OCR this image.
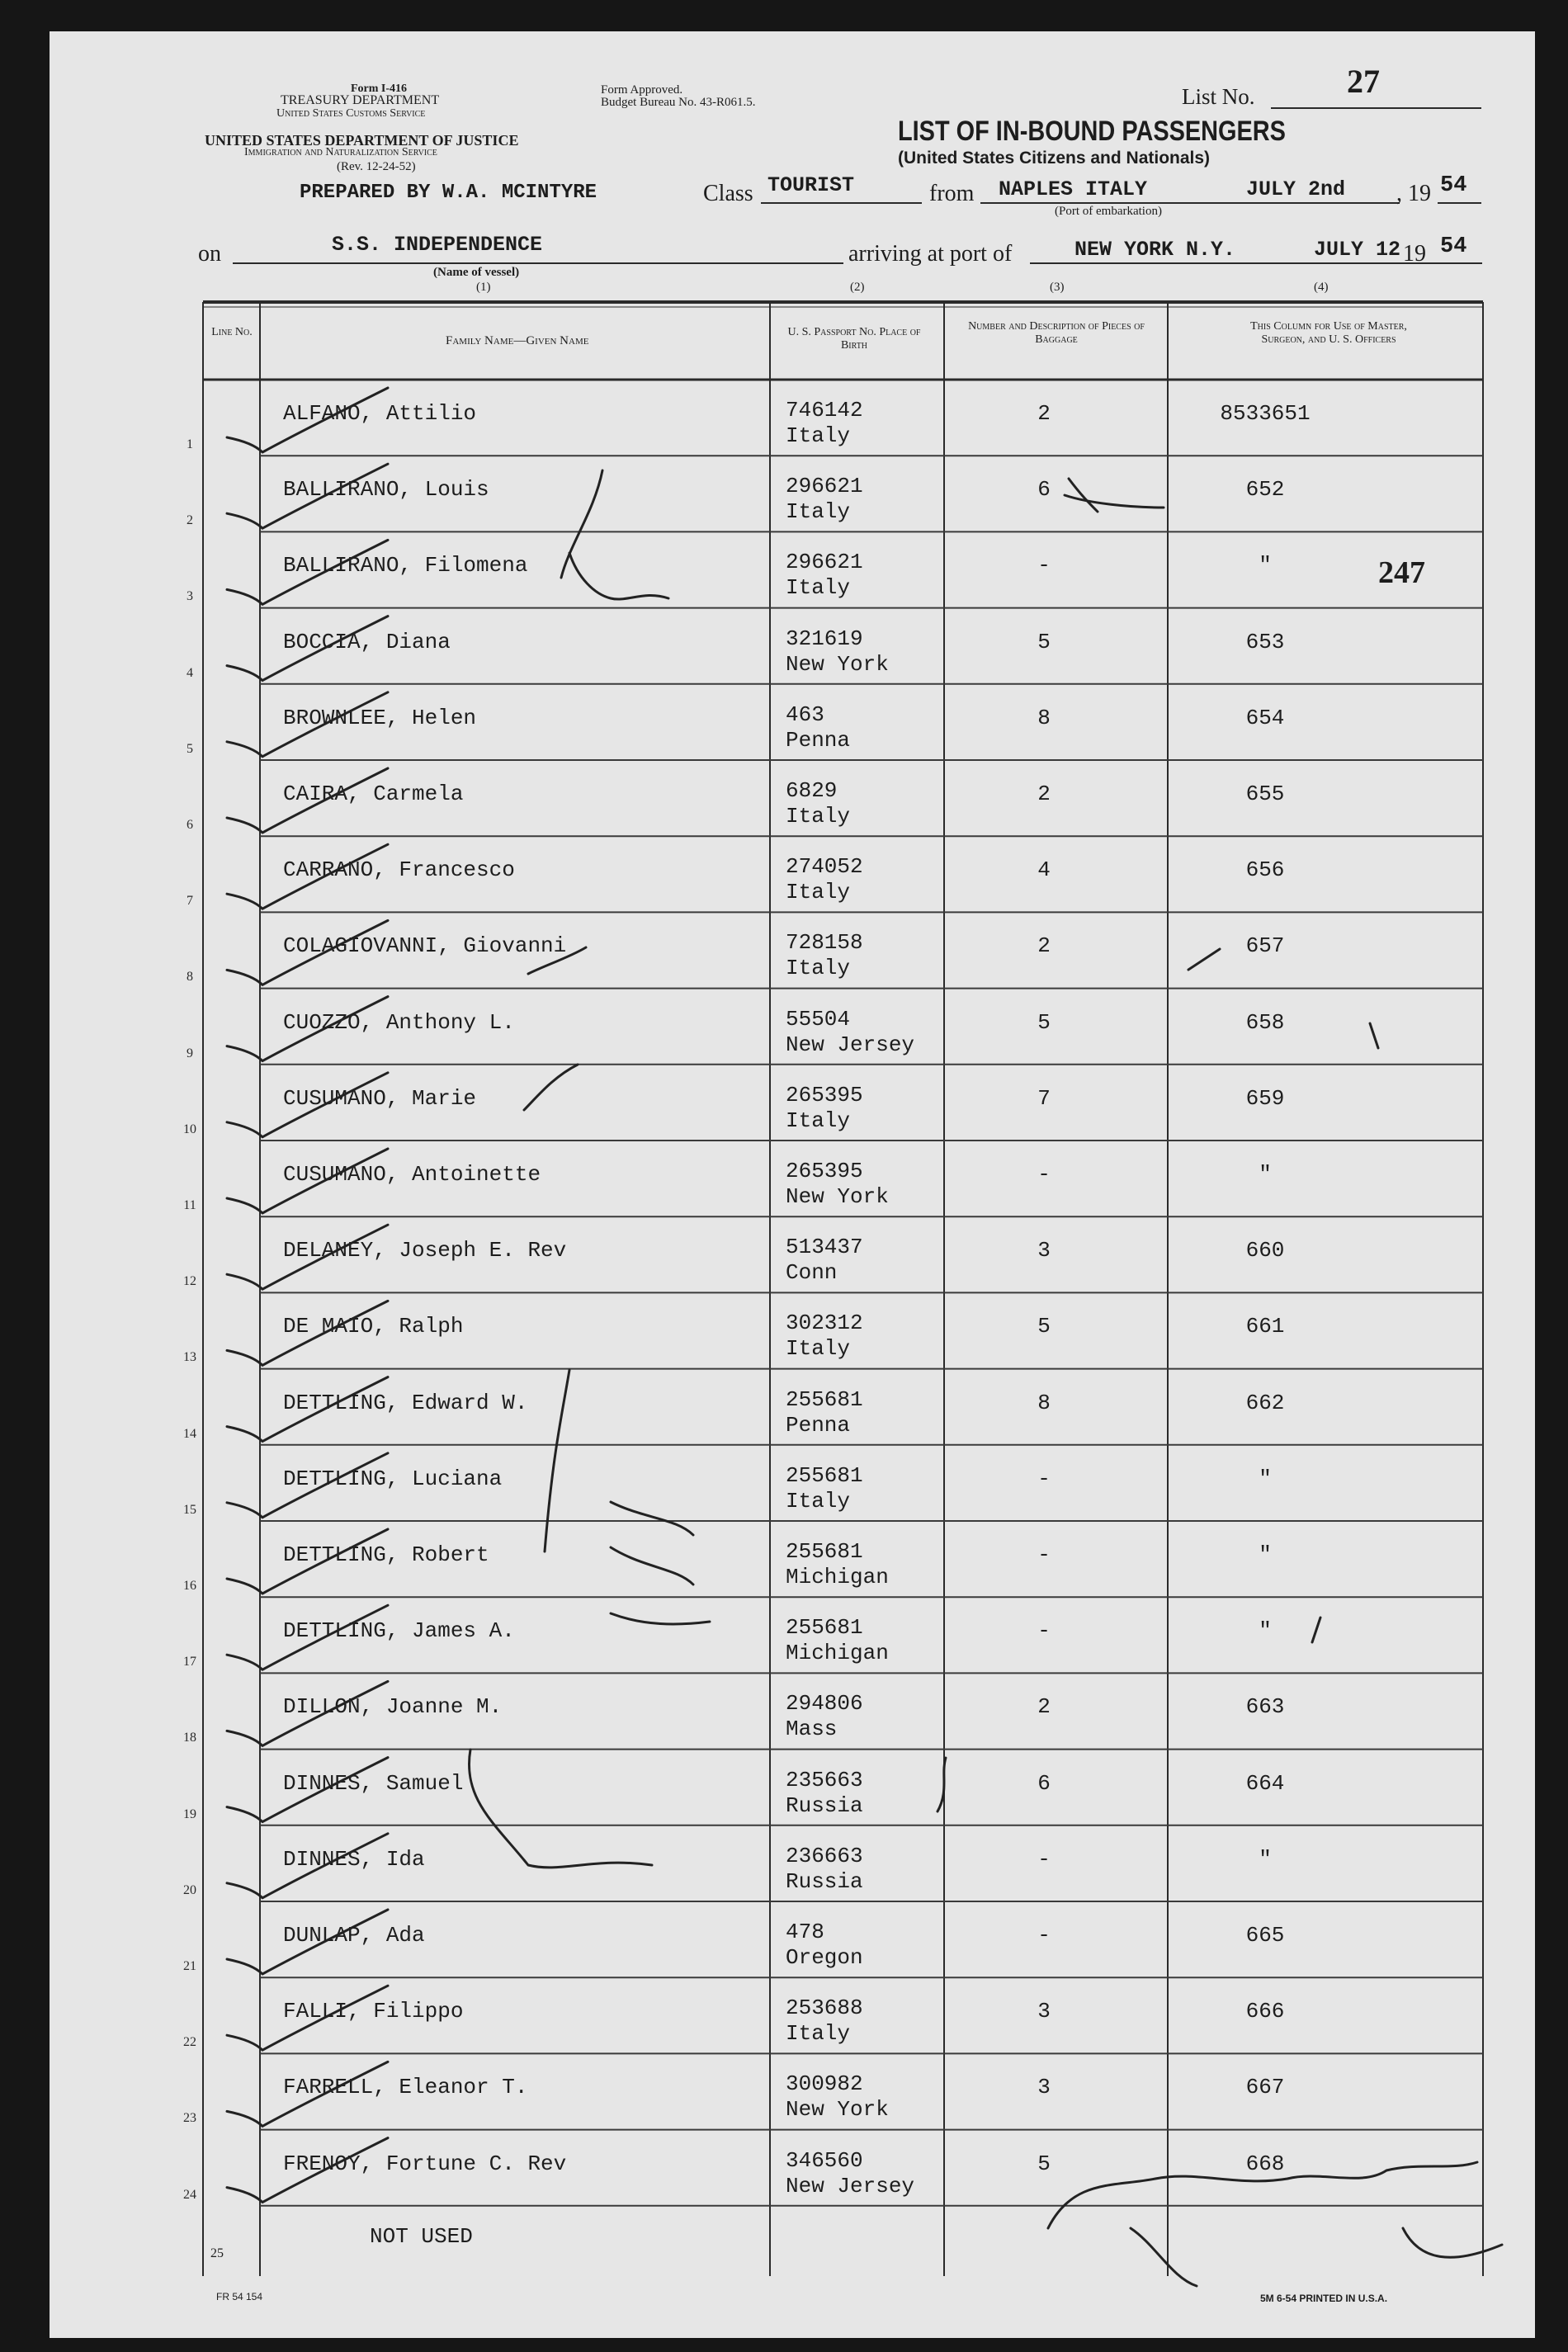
Form I-416
TREASURY DEPARTMENT
United States Customs Service
UNITED STATES DEPARTMENT OF JUSTICE
Immigration and Naturalization Service
(Rev. 12-24-52)
Form Approved.
Budget Bureau No. 43-R061.5.	List No.	27
LIST OF IN-BOUND PASSENGERS
(United States Citizens and Nationals)
PREPARED BY W.A. MCINTYRE	Class TOURIST	from NAPLES ITALY	JULY 2nd , 19 54
(Port of embarkation)
on	S.S. INDEPENDENCE
(Name of vessel)
(1)
arriving at port of	NEW YORK N.Y.	JULY 12 19 54
(2)	(3)	(4)
Line No.
Family Name—Given Name
U. S. Passport No. Place of Birth
Number and Description of Pieces of Baggage
This Column for Use of Master, Surgeon, and U. S. Officers
1
ALFANO, Attilio	746142
Italy
2	8533651
2
BALLIRANO, Louis	296621
Italy
6	652
3
BALLIRANO, Filomena	296621
Italy
-	"
4
BOCCIA, Diana	321619
New York
5	653
5
BROWNLEE, Helen	463
Penna
8	654
6
CAIRA, Carmela	6829
Italy
2	655
7
CARRANO, Francesco	274052
Italy
4	656
8
COLAGIOVANNI, Giovanni	728158
Italy
2	657
9
CUOZZO, Anthony L.	55504
New Jersey
5	658
10
CUSUMANO, Marie	265395
Italy
7	659
11
CUSUMANO, Antoinette	265395
New York
-	"
12
DELANEY, Joseph E. Rev	513437
Conn
3	660
13
DE MAIO, Ralph	302312
Italy
5	661
14
DETTLING, Edward W.	255681
Penna
8	662
15
DETTLING, Luciana	255681
Italy
-	"
16
DETTLING, Robert	255681
Michigan
-	"
17
DETTLING, James A.	255681
Michigan
-	"
18
DILLON, Joanne M.	294806
Mass
2	663
19
DINNES, Samuel	235663
Russia
6	664
20
DINNES, Ida	236663
Russia
-	"
21
DUNLAP, Ada	478
Oregon
-	665
22
FALLI, Filippo	253688
Italy
3	666
23
FARRELL, Eleanor T.	300982
New York
3	667
24
FRENOY, Fortune C. Rev	346560
New Jersey
5	668
25
NOT USED
247
FR 54 154	5M 6-54 PRINTED IN U.S.A.
